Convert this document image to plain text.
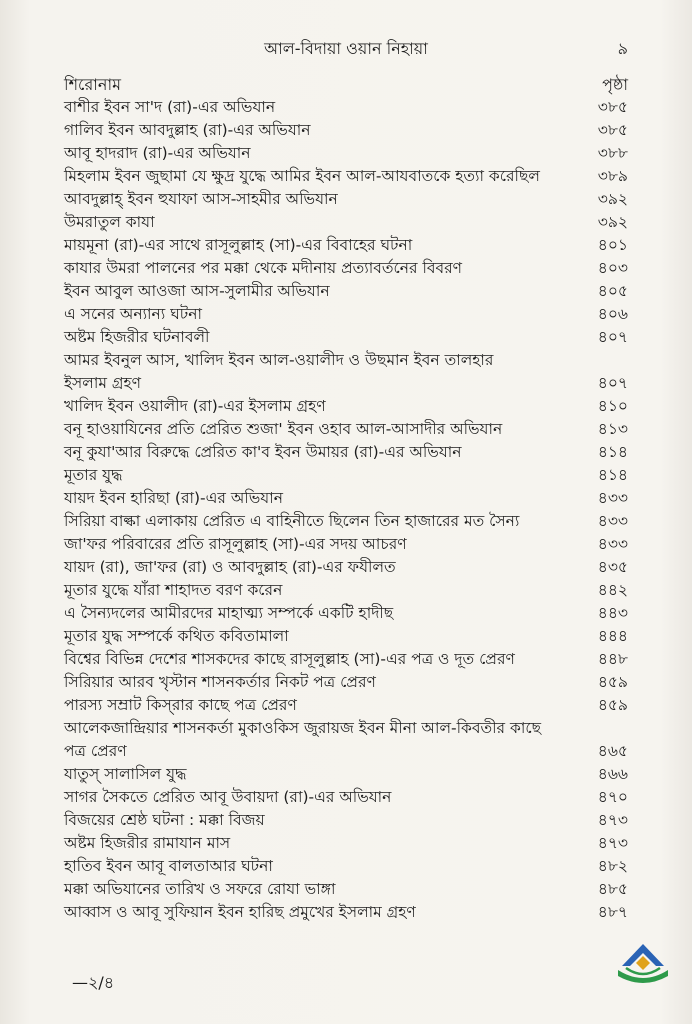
আল-বিদায়া ওয়ান নিহায়া	৯
শিরোনাম	পৃষ্ঠা
বাশীর ইবন সা'দ (রা)-এর অভিযান	৩৮৫
গালিব ইবন আবদুল্লাহ (রা)-এর অভিযান	৩৮৫
আবূ হাদরাদ (রা)-এর অভিযান	৩৮৮
মিহলাম ইবন জুছামা যে ক্ষুদ্র যুদ্ধে আমির ইবন আল-আযবাতকে হত্যা করেছিল	৩৮৯
আবদুল্লাহ্ ইবন হুযাফা আস-সাহমীর অভিযান	৩৯২
উমরাতুল কাযা	৩৯২
মায়মূনা (রা)-এর সাথে রাসূলুল্লাহ (সা)-এর বিবাহের ঘটনা	৪০১
কাযার উমরা পালনের পর মক্কা থেকে মদীনায় প্রত্যাবর্তনের বিবরণ	৪০৩
ইবন আবুল আওজা আস-সুলামীর অভিযান	৪০৫
এ সনের অন্যান্য ঘটনা	৪০৬
অষ্টম হিজরীর ঘটনাবলী	৪০৭
আমর ইবনুল আস, খালিদ ইবন আল-ওয়ালীদ ও উছমান ইবন তালহার
ইসলাম গ্রহণ	৪০৭
খালিদ ইবন ওয়ালীদ (রা)-এর ইসলাম গ্রহণ	৪১০
বনূ হাওয়াযিনের প্রতি প্রেরিত শুজা' ইবন ওহাব আল-আসাদীর অভিযান	৪১৩
বনূ কুযা'আর বিরুদ্ধে প্রেরিত কা'ব ইবন উমায়র (রা)-এর অভিযান	৪১৪
মূতার যুদ্ধ	৪১৪
যায়দ ইবন হারিছা (রা)-এর অভিযান	৪৩৩
সিরিয়া বাল্কা এলাকায় প্রেরিত এ বাহিনীতে ছিলেন তিন হাজারের মত সৈন্য	৪৩৩
জা'ফর পরিবারের প্রতি রাসূলুল্লাহ (সা)-এর সদয় আচরণ	৪৩৩
যায়দ (রা), জা'ফর (রা) ও আবদুল্লাহ (রা)-এর ফযীলত	৪৩৫
মূতার যুদ্ধে যাঁরা শাহাদত বরণ করেন	৪৪২
এ সৈন্যদলের আমীরদের মাহাত্ম্য সম্পর্কে একটি হাদীছ	৪৪৩
মূতার যুদ্ধ সম্পর্কে কথিত কবিতামালা	৪৪৪
বিশ্বের বিভিন্ন দেশের শাসকদের কাছে রাসূলুল্লাহ (সা)-এর পত্র ও দূত প্রেরণ	৪৪৮
সিরিয়ার আরব খৃস্টান শাসনকর্তার নিকট পত্র প্রেরণ	৪৫৯
পারস্য সম্রাট কিস্‌রার কাছে পত্র প্রেরণ	৪৫৯
আলেকজান্দ্রিয়ার শাসনকর্তা মুকাওকিস জুরায়জ ইবন মীনা আল-কিবতীর কাছে
পত্র প্রেরণ	৪৬৫
যাতুস্ সালাসিল যুদ্ধ	৪৬৬
সাগর সৈকতে প্রেরিত আবূ উবায়দা (রা)-এর অভিযান	৪৭০
বিজয়ের শ্রেষ্ঠ ঘটনা : মক্কা বিজয়	৪৭৩
অষ্টম হিজরীর রামাযান মাস	৪৭৩
হাতিব ইবন আবূ বালতাআর ঘটনা	৪৮২
মক্কা অভিযানের তারিখ ও সফরে রোযা ভাঙ্গা	৪৮৫
আব্বাস ও আবূ সুফিয়ান ইবন হারিছ প্রমুখের ইসলাম গ্রহণ	৪৮৭
—২/৪
